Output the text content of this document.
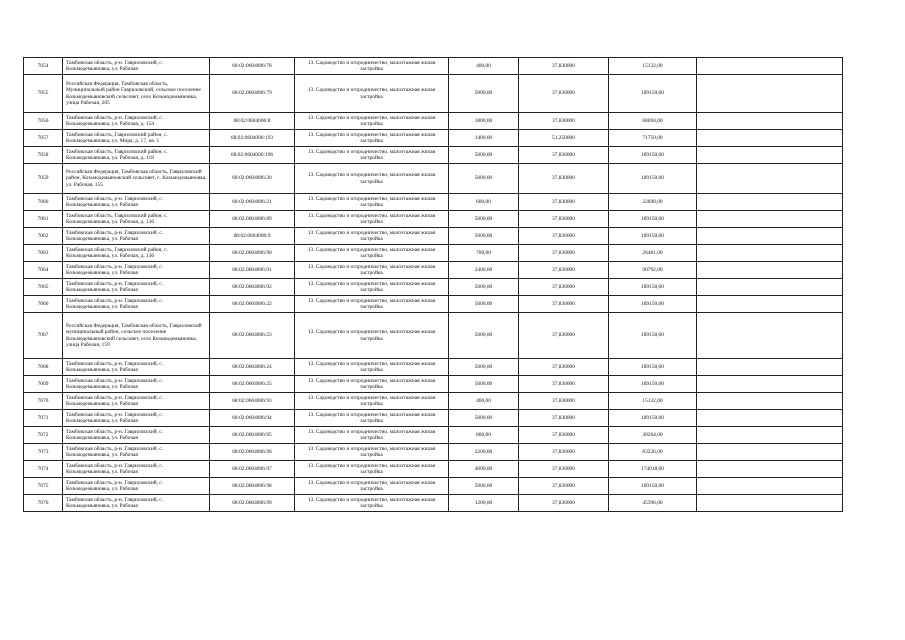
7054	Тамбовская область, р-н. Гавриловский, с. Козьмодемьяновка, ул. Рабочая	68:02:0604006:78	13. Садоводство и огородничество, малоэтажная жилая застройка	400,00	37,830000	15132,00	
7055	Российская Федерация, Тамбовская область, Муниципальный район Гавриловский, сельское поселение Козьмодемьяновский сельсовет, село Козьмодемьяновка, улица Рабочая, 205	68:02:0604006:79	13. Садоводство и огородничество, малоэтажная жилая застройка	5000,00	37,830000	189150,00	
7056	Тамбовская область, р-н. Гавриловский, с. Козьмодемьяновка, ул. Рабочая, д. 154	68:02:0604006:8	13. Садоводство и огородничество, малоэтажная жилая застройка	1800,00	37,830000	68094,00	
7057	Тамбовская область, Гавриловский район, с. Козьмодемьяновка, ул. Мира, д. 17, кв. 1	68:02:0604006:193	13. Садоводство и огородничество, малоэтажная жилая застройка	1400,00	51,250000	71750,00	
7058	Тамбовская область, Гавриловский район, с. Козьмодемьяновка, ул. Рабочая, д. 118	68:02:0604006:196	13. Садоводство и огородничество, малоэтажная жилая застройка	5000,00	37,830000	189150,00	
7059	Российская Федерация, Тамбовская область, Гавриловский район, Козьмодемьяновский сельсовет, с. Козьмодемьяновка, ул. Рабочая, 155	68:02:0604006:20	13. Садоводство и огородничество, малоэтажная жилая застройка	5000,00	37,830000	189150,00	
7060	Тамбовская область, р-н. Гавриловский, с. Козьмодемьяновка, ул. Рабочая	68:02:0604006:21	13. Садоводство и огородничество, малоэтажная жилая застройка	600,00	37,830000	22698,00	
7061	Тамбовская область, Гавриловский район, с. Козьмодемьяновка, ул. Рабочая, д. 136	68:02:0604006:89	13. Садоводство и огородничество, малоэтажная жилая застройка	5000,00	37,830000	189150,00	
7062	Тамбовская область, р-н. Гавриловский, с. Козьмодемьяновка, ул. Рабочая	68:02:0604006:9	13. Садоводство и огородничество, малоэтажная жилая застройка	5000,00	37,830000	189150,00	
7063	Тамбовская область, Гавриловский район, с. Козьмодемьяновка, ул. Рабочая, д. 136	68:02:0604006:90	13. Садоводство и огородничество, малоэтажная жилая застройка	700,00	37,830000	26481,00	
7064	Тамбовская область, р-н. Гавриловский, с. Козьмодемьяновка, ул. Рабочая	68:02:0604006:91	13. Садоводство и огородничество, малоэтажная жилая застройка	2400,00	37,830000	90792,00	
7065	Тамбовская область, р-н. Гавриловский, с. Козьмодемьяновка, ул. Рабочая	68:02:0604006:92	13. Садоводство и огородничество, малоэтажная жилая застройка	5000,00	37,830000	189150,00	
7066	Тамбовская область, р-н. Гавриловский, с. Козьмодемьяновка, ул. Рабочая	68:02:0604006:22	13. Садоводство и огородничество, малоэтажная жилая застройка	5000,00	37,830000	189150,00	
7067	Российская Федерация, Тамбовская область, Гавриловский муниципальный район, сельское поселение Козьмодемьяновский сельсовет, село Козьмодемьяновка, улица Рабочая, 159	68:02:0604006:23	13. Садоводство и огородничество, малоэтажная жилая застройка	5000,00	37,830000	189150,00	
7068	Тамбовская область, р-н. Гавриловский, с. Козьмодемьяновка, ул. Рабочая	68:02:0604006:24	13. Садоводство и огородничество, малоэтажная жилая застройка	5000,00	37,830000	189150,00	
7069	Тамбовская область, р-н. Гавриловский, с. Козьмодемьяновка, ул. Рабочая	68:02:0604006:25	13. Садоводство и огородничество, малоэтажная жилая застройка	5000,00	37,830000	189150,00	
7070	Тамбовская область, р-н. Гавриловский, с. Козьмодемьяновка, ул. Рабочая	68:02:0604006:93	13. Садоводство и огородничество, малоэтажная жилая застройка	400,00	37,830000	15132,00	
7071	Тамбовская область, р-н. Гавриловский, с. Козьмодемьяновка, ул. Рабочая	68:02:0604006:94	13. Садоводство и огородничество, малоэтажная жилая застройка	5000,00	37,830000	189150,00	
7072	Тамбовская область, р-н. Гавриловский, с. Козьмодемьяновка, ул. Рабочая	68:02:0604006:95	13. Садоводство и огородничество, малоэтажная жилая застройка	800,00	37,830000	30264,00	
7073	Тамбовская область, р-н. Гавриловский, с. Козьмодемьяновка, ул. Рабочая	68:02:0604006:96	13. Садоводство и огородничество, малоэтажная жилая застройка	2200,00	37,830000	83226,00	
7074	Тамбовская область, р-н. Гавриловский, с. Козьмодемьяновка, ул. Рабочая	68:02:0604006:97	13. Садоводство и огородничество, малоэтажная жилая застройка	4600,00	37,830000	174018,00	
7075	Тамбовская область, р-н. Гавриловский, с. Козьмодемьяновка, ул. Рабочая	68:02:0604006:98	13. Садоводство и огородничество, малоэтажная жилая застройка	5000,00	37,830000	189150,00	
7076	Тамбовская область, р-н. Гавриловский, с. Козьмодемьяновка, ул. Рабочая	68:02:0604006:99	13. Садоводство и огородничество, малоэтажная жилая застройка	1200,00	37,830000	45396,00	
